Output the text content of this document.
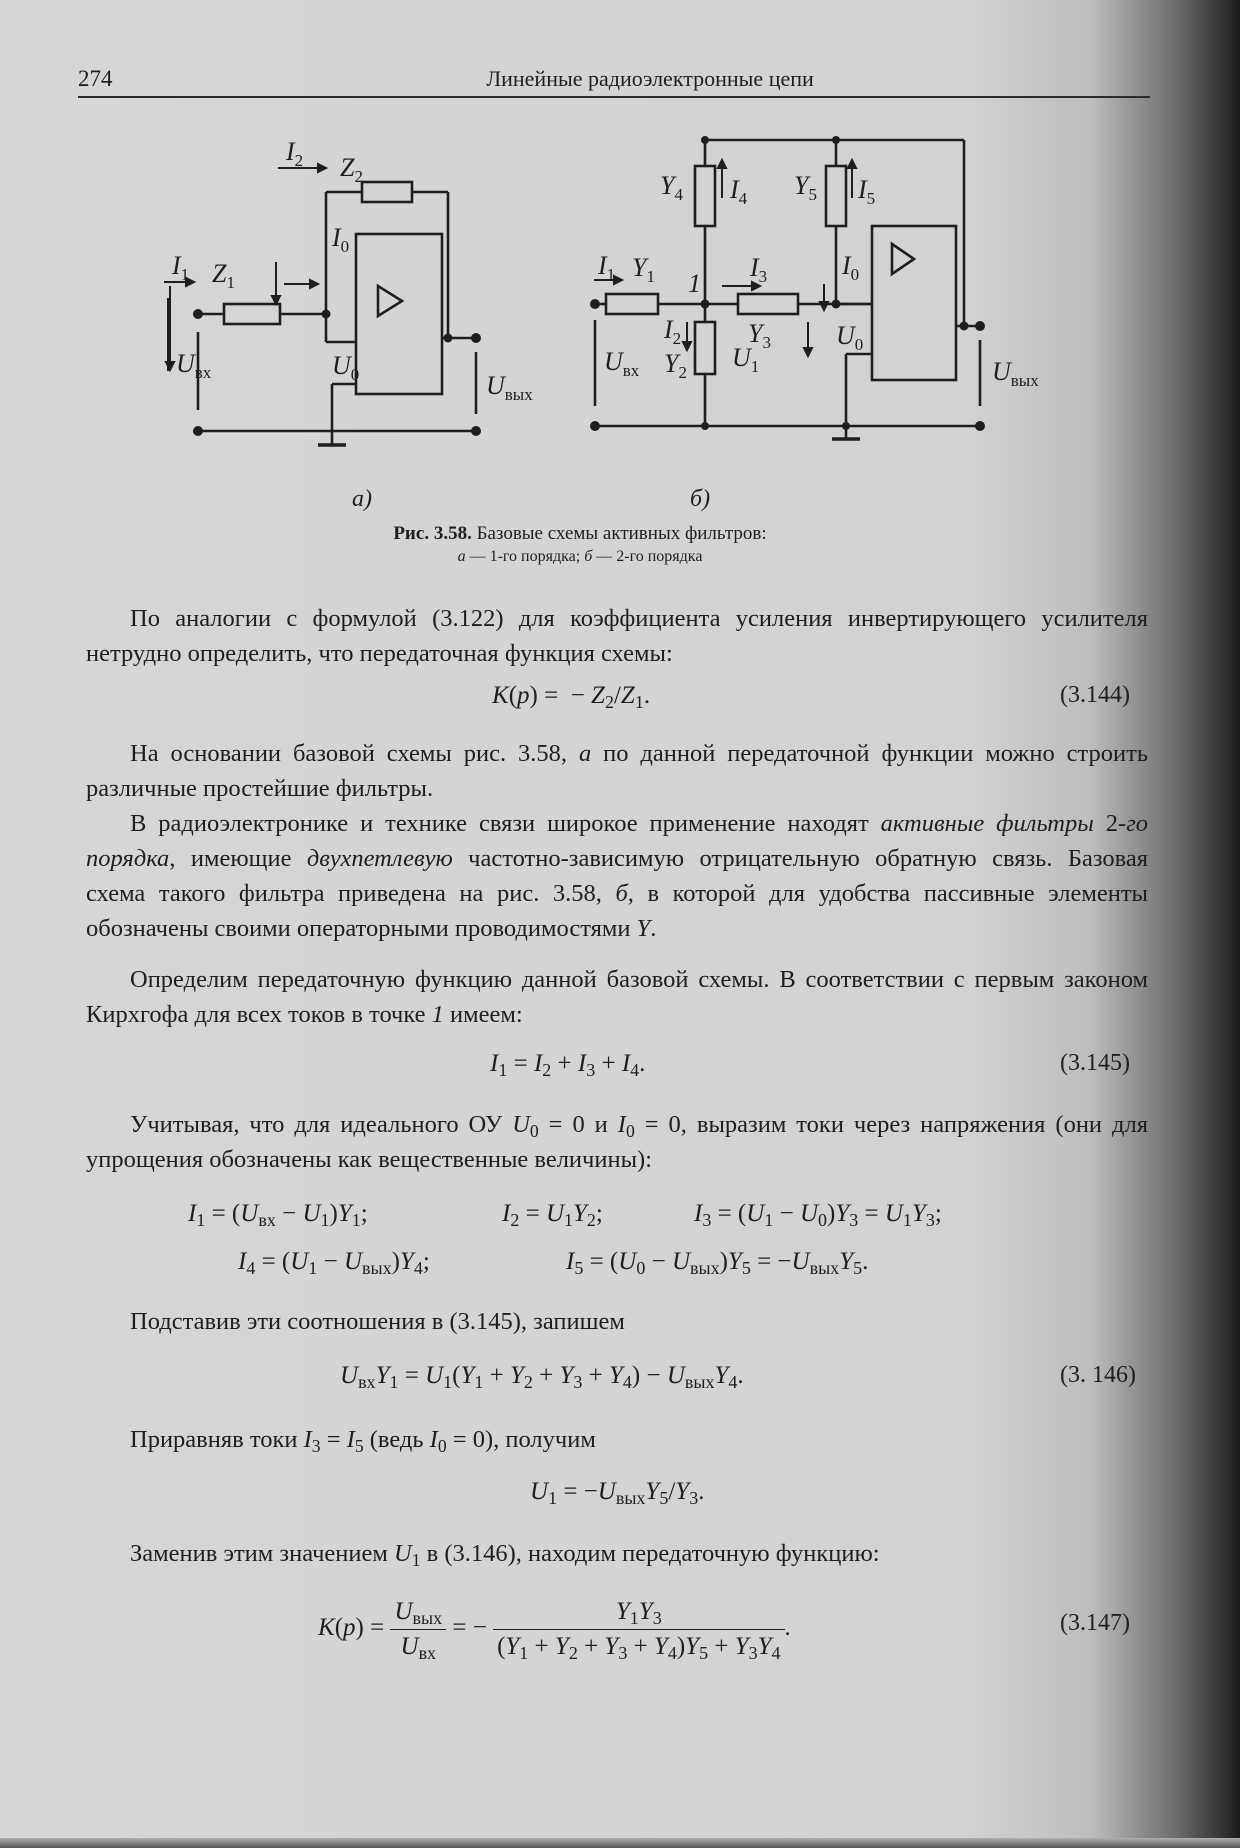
274	Линейные радиоэлектронные цепи
$I_1$ $Z_1$
$I_2$ $Z_2$
$I_0$
$U_0$
$U_{вх}$	$U_{вых}$
а)
$I_1$ $Y_1$ 1
$I_2$
$Y_2$
$I_3$
$Y_3$
$Y_4$ $I_4$ $Y_5$ $I_5$
$I_0$
$U_0$
$U_1$
$U_{вх}$	$U_{вых}$
б)
Рис. 3.58. Базовые схемы активных фильтров:
а — 1-го порядка; б — 2-го порядка
По аналогии с формулой (3.122) для коэффициента усиления инвертирующего усилителя нетрудно определить, что передаточная функция схемы:
K(p) =  − $Z_2/Z_1$.	(3.144)
На основании базовой схемы рис. 3.58, а по данной передаточной функции можно строить различные простейшие фильтры.
В радиоэлектронике и технике связи широкое применение находят активные фильтры 2-го порядка, имеющие двухпетлевую частотно-зависимую отрицательную обратную связь. Базовая схема такого фильтра приведена на рис. 3.58, б, в которой для удобства пассивные элементы обозначены своими операторными проводимостями Y.
Определим передаточную функцию данной базовой схемы. В соответствии с первым законом Кирхгофа для всех токов в точке 1 имеем:
$I_1 = I_2 + I_3 + I_4$.	(3.145)
Учитывая, что для идеального ОУ $U_0 = 0$ и $I_0 = 0$, выразим токи через напряжения (они для упрощения обозначены как вещественные величины):
$I_1 = (U_{вх} - U_1)Y_1$;	$I_2 = U_1Y_2$;	$I_3 = (U_1 - U_0)Y_3 = U_1Y_3$;
$I_4 = (U_1 - U_{вых})Y_4$;	$I_5 = (U_0 - U_{вых})Y_5 = -U_{вых}Y_5$.
Подставив эти соотношения в (3.145), запишем
$U_{вх}Y_1 = U_1(Y_1 + Y_2 + Y_3 + Y_4) - U_{вых}Y_4$.	(3. 146)
Приравняв токи $I_3 = I_5$ (ведь $I_0 = 0$), получим
$U_1 = -U_{вых}Y_5/Y_3$.
Заменив этим значением $U_1$ в (3.146), находим передаточную функцию:
$K(p) = \frac{U_{вых}}{U_{вх}}$ = − $\frac{Y_1Y_3}{(Y_1 + Y_2 + Y_3 + Y_4)Y_5 + Y_3Y_4}$ .	(3.147)
